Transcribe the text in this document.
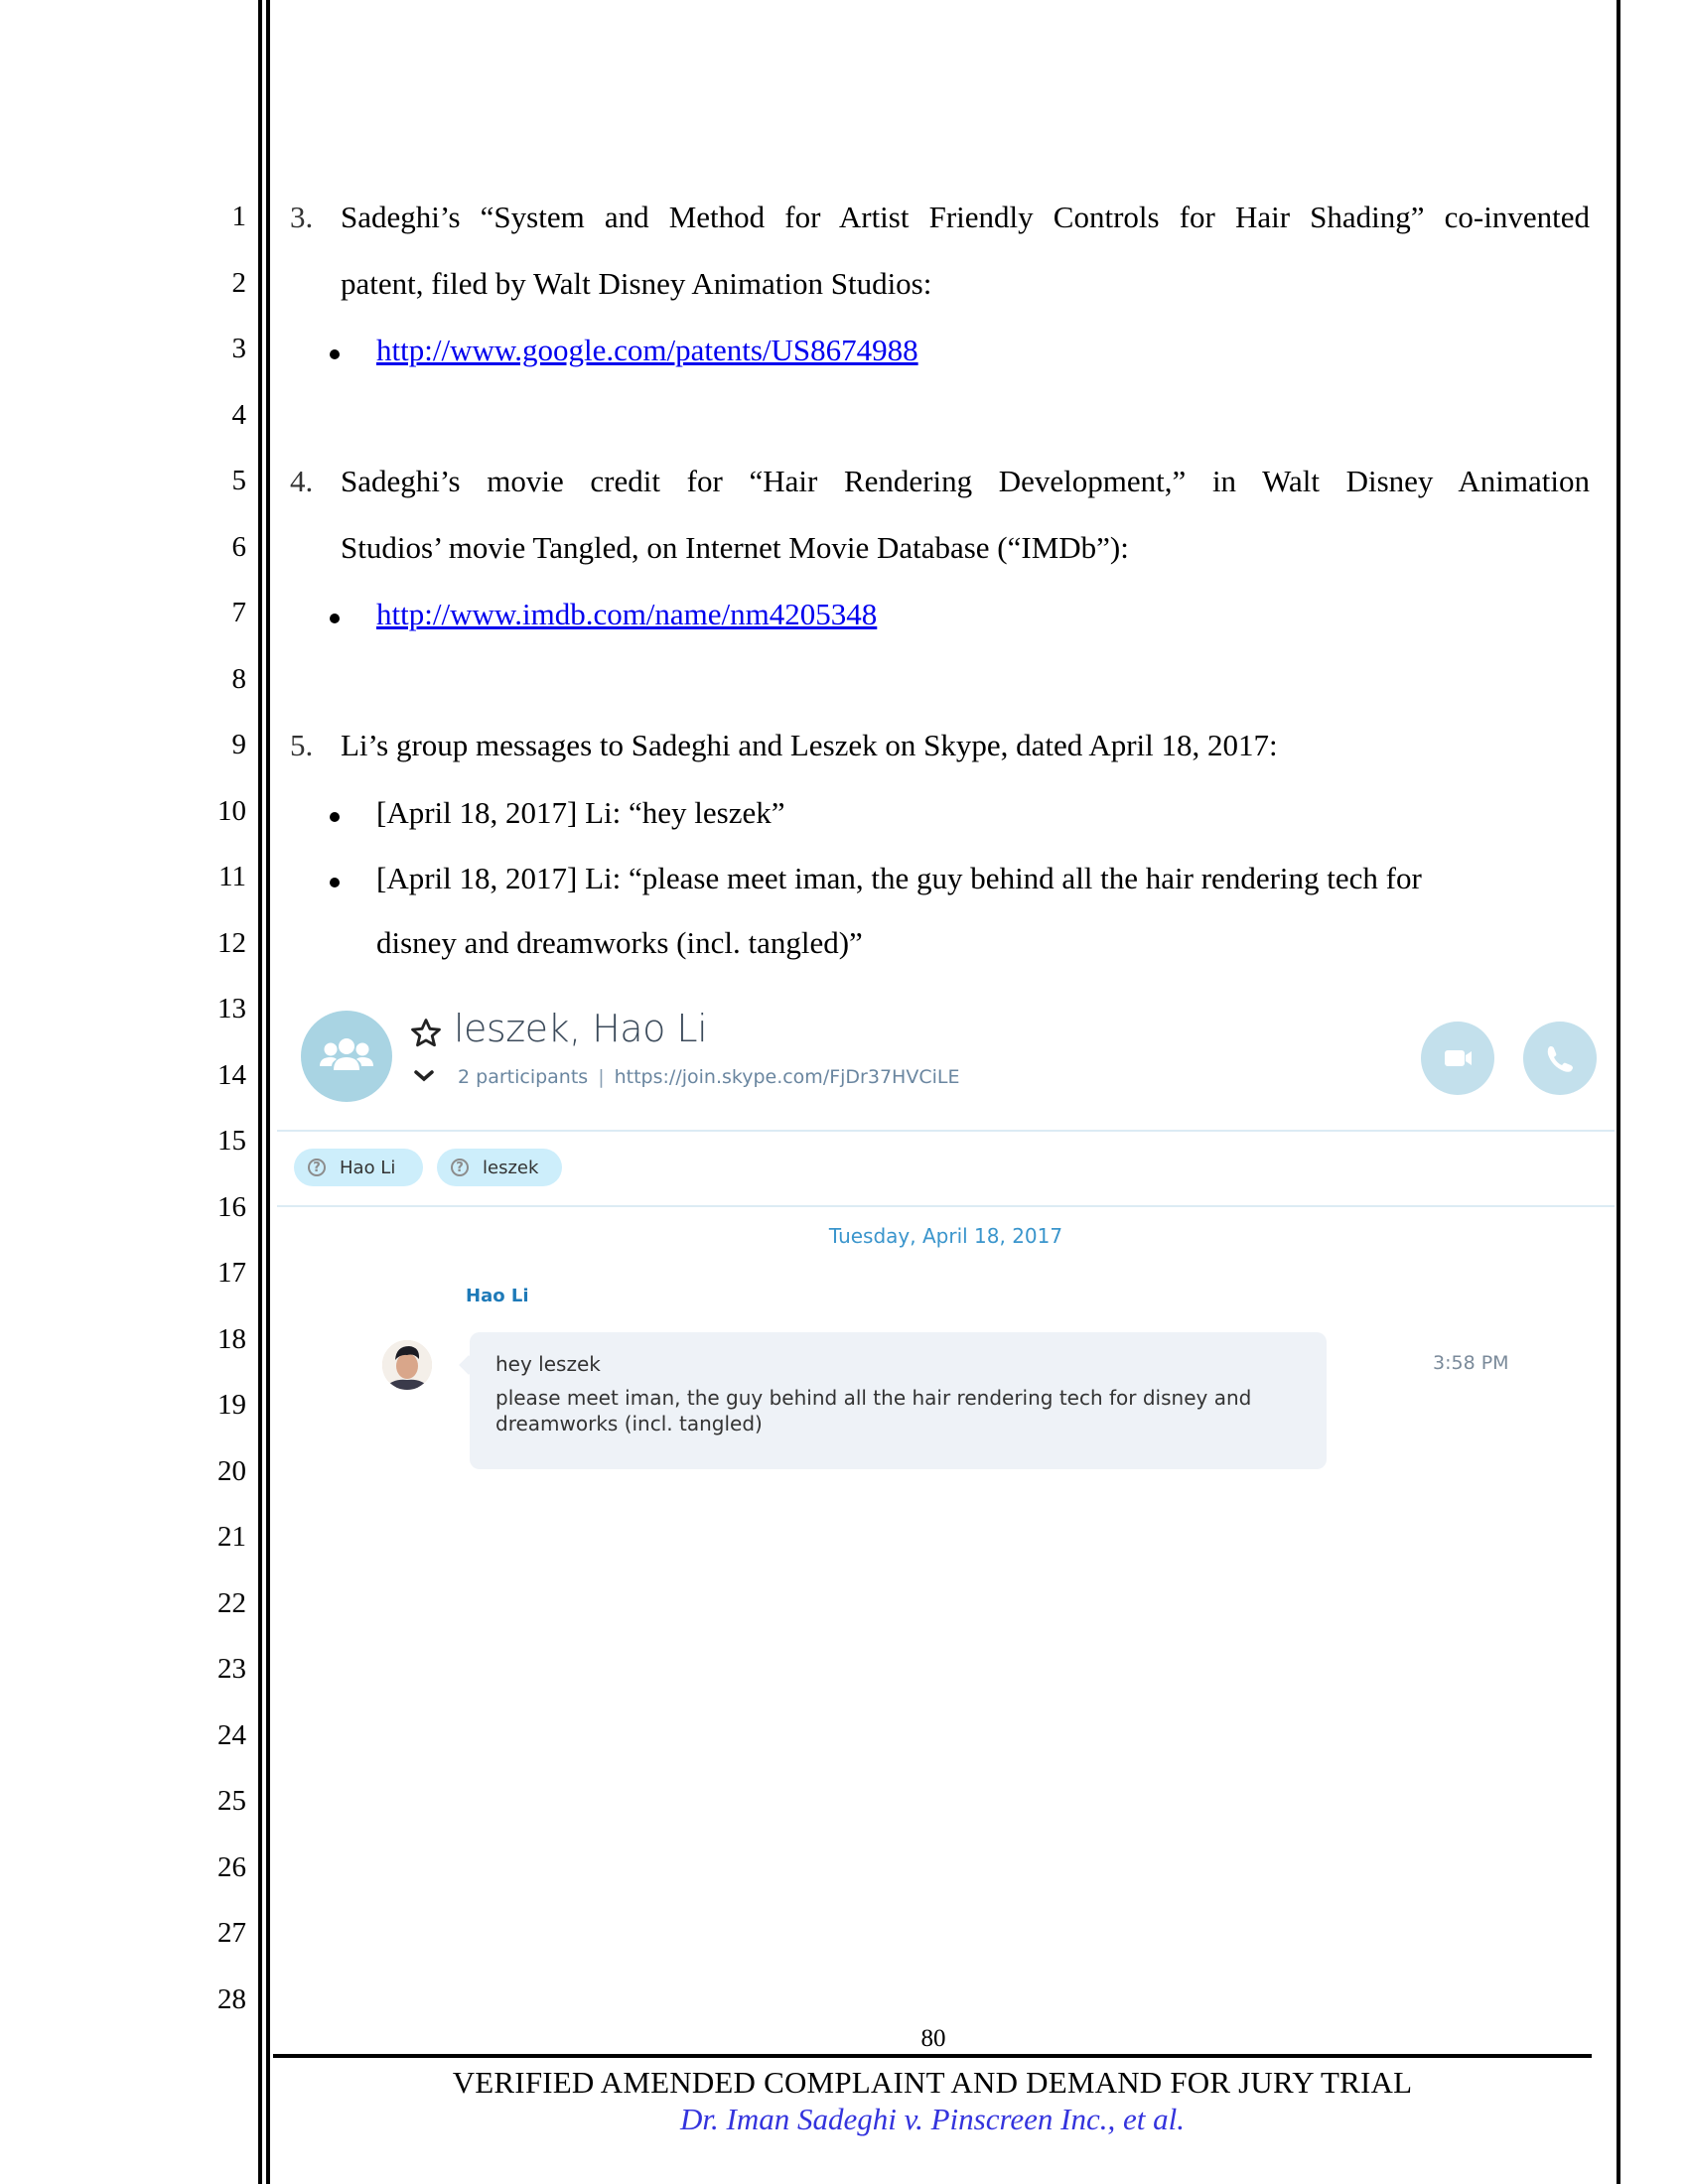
1
2
3
4
5
6
7
8
9
10
11
12
13
14
15
16
17
18
19
20
21
22
23
24
25
26
27
28
3. Sadeghi’s “System and Method for Artist Friendly Controls for Hair Shading” co-invented
patent, filed by Walt Disney Animation Studios:
http://www.google.com/patents/US8674988
4. Sadeghi’s movie credit for “Hair Rendering Development,” in Walt Disney Animation
Studios’ movie Tangled, on Internet Movie Database (“IMDb”):
http://www.imdb.com/name/nm4205348
5. Li’s group messages to Sadeghi and Leszek on Skype, dated April 18, 2017:
[April 18, 2017] Li: “hey leszek”
[April 18, 2017] Li: “please meet iman, the guy behind all the hair rendering tech for
disney and dreamworks (incl. tangled)”
leszek, Hao Li
2 participants | https://join.skype.com/FjDr37HVCiLE
? Hao Li	? leszek
Tuesday, April 18, 2017
Hao Li
hey leszek
please meet iman, the guy behind all the hair rendering tech for disney and
dreamworks (incl. tangled)
3:58 PM
80
VERIFIED AMENDED COMPLAINT AND DEMAND FOR JURY TRIAL
Dr. Iman Sadeghi v. Pinscreen Inc., et al.
